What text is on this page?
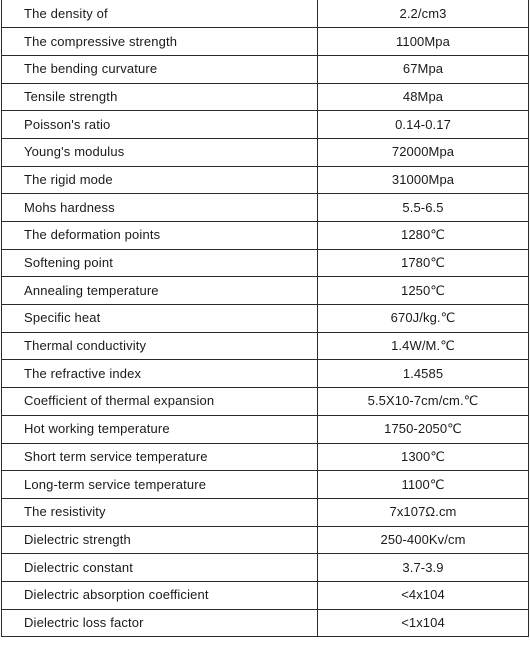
The density of	2.2/cm3
The compressive strength	1100Mpa
The bending curvature	67Mpa
Tensile strength	48Mpa
Poisson's ratio	0.14-0.17
Young's modulus	72000Mpa
The rigid mode	31000Mpa
Mohs hardness	5.5-6.5
The deformation points	1280℃
Softening point	1780℃
Annealing temperature	1250℃
Specific heat	670J/kg.℃
Thermal conductivity	1.4W/M.℃
The refractive index	1.4585
Coefficient of thermal expansion	5.5X10-7cm/cm.℃
Hot working temperature	1750-2050℃
Short term service temperature	1300℃
Long-term service temperature	1100℃
The resistivity	7x107Ω.cm
Dielectric strength	250-400Kv/cm
Dielectric constant	3.7-3.9
Dielectric absorption coefficient	<4x104
Dielectric loss factor	<1x104
